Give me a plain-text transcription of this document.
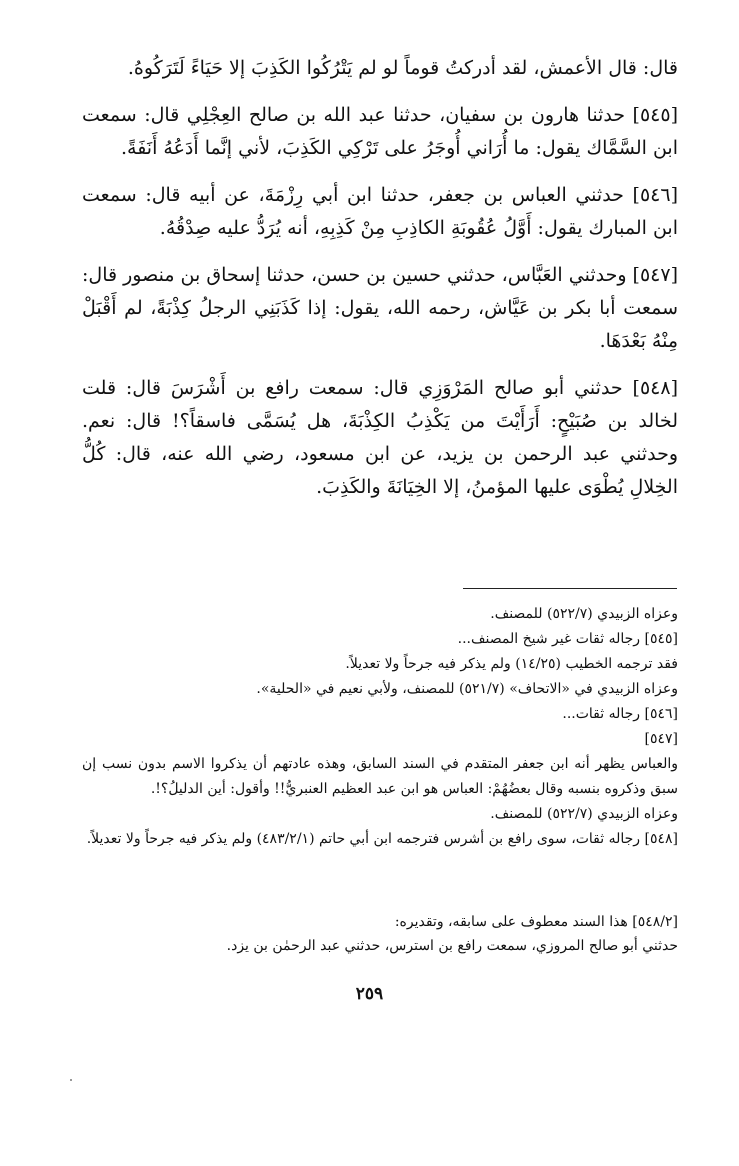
قال: قال الأعمش، لقد أدركتُ قوماً لو لم يَتْرُكُوا الكَذِبَ إلا حَيَاءً لَتَرَكُوهُ.

[٥٤٥] حدثنا هارون بن سفيان، حدثنا عبد الله بن صالح العِجْلِي قال: سمعت ابن السَّمَّاك يقول: ما أُرَاني أُوجَرُ على تَرْكِي الكَذِبَ، لأني إنَّما أَدَعُهُ أَنَفَةً.

[٥٤٦] حدثني العباس بن جعفر، حدثنا ابن أبي رِزْمَةَ، عن أبيه قال: سمعت ابن المبارك يقول: أَوَّلُ عُقُوبَةِ الكاذِبِ مِنْ كَذِبِهِ، أنه يُرَدُّ عليه صِدْقُهُ.

[٥٤٧] وحدثني العَبَّاس، حدثني حسين بن حسن، حدثنا إسحاق بن منصور قال: سمعت أبا بكر بن عَيَّاش، رحمه الله، يقول: إذا كَذَبَنِي الرجلُ كِذْبَةً، لم أَقْبَلْ مِنْهُ بَعْدَهَا.

[٥٤٨] حدثني أبو صالح المَرْوَزِي قال: سمعت رافع بن أَشْرَسَ قال: قلت لخالد بن صُبَيْحٍ: أَرَأَيْتَ من يَكْذِبُ الكِذْبَةَ، هل يُسَمَّى فاسقاً؟! قال: نعم. وحدثني عبد الرحمن بن يزيد، عن ابن مسعود، رضي الله عنه، قال: كُلُّ الخِلالِ يُطْوَى عليها المؤمنُ، إلا الخِيَانَةَ والكَذِبَ.

وعزاه الزبيدي (٥٢٢/٧) للمصنف.

[٥٤٥] رجاله ثقات غير شيخ المصنف...

فقد ترجمه الخطيب (١٤/٢٥) ولم يذكر فيه جرحاً ولا تعديلاً.

وعزاه الزبيدي في «الاتحاف» (٥٢١/٧) للمصنف، ولأبي نعيم في «الحلية».

[٥٤٦] رجاله ثقات...

[٥٤٧]

والعباس يظهر أنه ابن جعفر المتقدم في السند السابق، وهذه عادتهم أن يذكروا الاسم بدون نسب إن سبق وذكروه بنسبه وقال بعضُهُمْ: العباس هو ابن عبد العظيم العنبريُّ!! وأقول: أين الدليلُ؟!.

وعزاه الزبيدي (٥٢٢/٧) للمصنف.

[٥٤٨] رجاله ثقات، سوى رافع بن أشرس فترجمه ابن أبي حاتم (٤٨٣/٢/١) ولم يذكر فيه جرحاً ولا تعديلاً.

[٥٤٨/٢] هذا السند معطوف على سابقه، وتقديره:

حدثني أبو صالح المروزي، سمعت رافع بن استرس، حدثني عبد الرحمٰن بن يزد.

٢٥٩
